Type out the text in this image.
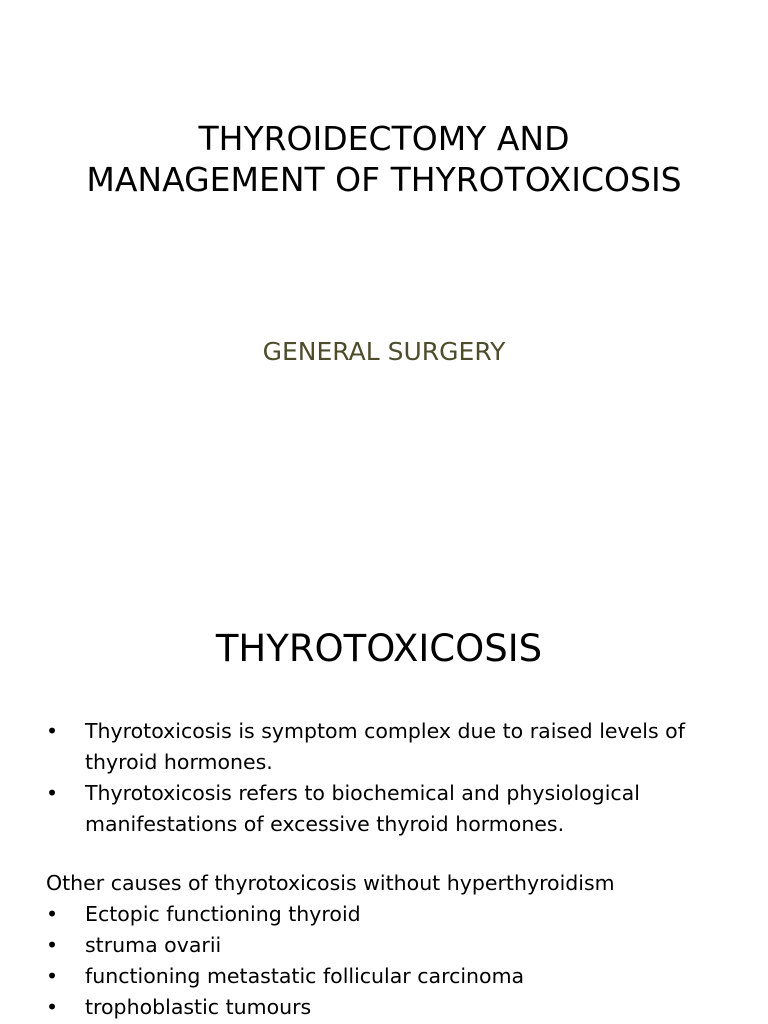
THYROIDECTOMY AND
MANAGEMENT OF THYROTOXICOSIS

GENERAL SURGERY

THYROTOXICOSIS
• Thyrotoxicosis is symptom complex due to raised levels of thyroid hormones.
• Thyrotoxicosis refers to biochemical and physiological manifestations of excessive thyroid hormones.
Other causes of thyrotoxicosis without hyperthyroidism
• Ectopic functioning thyroid
• struma ovarii
• functioning metastatic follicular carcinoma
• trophoblastic tumours
